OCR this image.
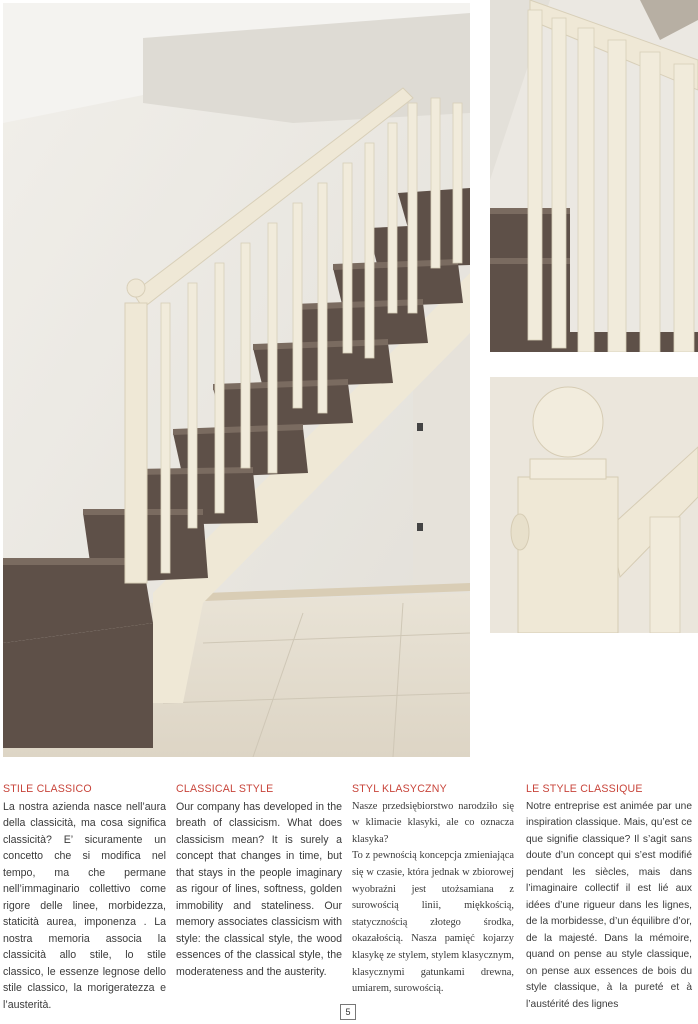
STILE CLASSICO

La nostra azienda nasce nell’aura della classicità, ma cosa significa classicità? E’ sicuramente un concetto che si modifica nel tempo, ma che permane nell’immaginario collettivo come rigore delle linee, morbidezza, staticità aurea, imponenza . La nostra memoria associa la classicità allo stile, lo stile classico, le essenze legnose dello stile classico, la morigeratezza e l’austerità.

CLASSICAL STYLE

Our company has developed in the breath of classicism. What does classicism mean? It is surely a concept that changes in time, but that stays in the people imaginary as rigour of lines, softness, golden immobility and stateliness. Our memory associates classicism with style: the classical style, the wood essences of the classical style, the moderateness and the austerity.

STYL KLASYCZNY

Nasze przedsiębiorstwo narodziło się w klimacie klasyki, ale co oznacza klasyka?

To z pewnością koncepcja zmieniająca się w czasie, która jednak w zbiorowej wyobraźni jest utożsamiana z surowością linii, miękkością, statycznością złotego środka, okazałością. Nasza pamięć kojarzy klasykę ze stylem, stylem klasycznym, klasycznymi gatunkami drewna, umiarem, surowością.

LE STYLE CLASSIQUE

Notre entreprise est animée par une inspiration classique. Mais, qu’est ce que signifie classique? Il s’agit sans doute d’un concept qui s’est modifié pendant les siècles, mais dans l’imaginaire collectif il est lié aux idées d’une rigueur dans les lignes, de la morbidesse, d’un équilibre d’or, de la majesté. Dans la mémoire, quand on pense au style classique, on pense aux essences de bois du style classique, à la pureté et à l’austérité des lignes

5
